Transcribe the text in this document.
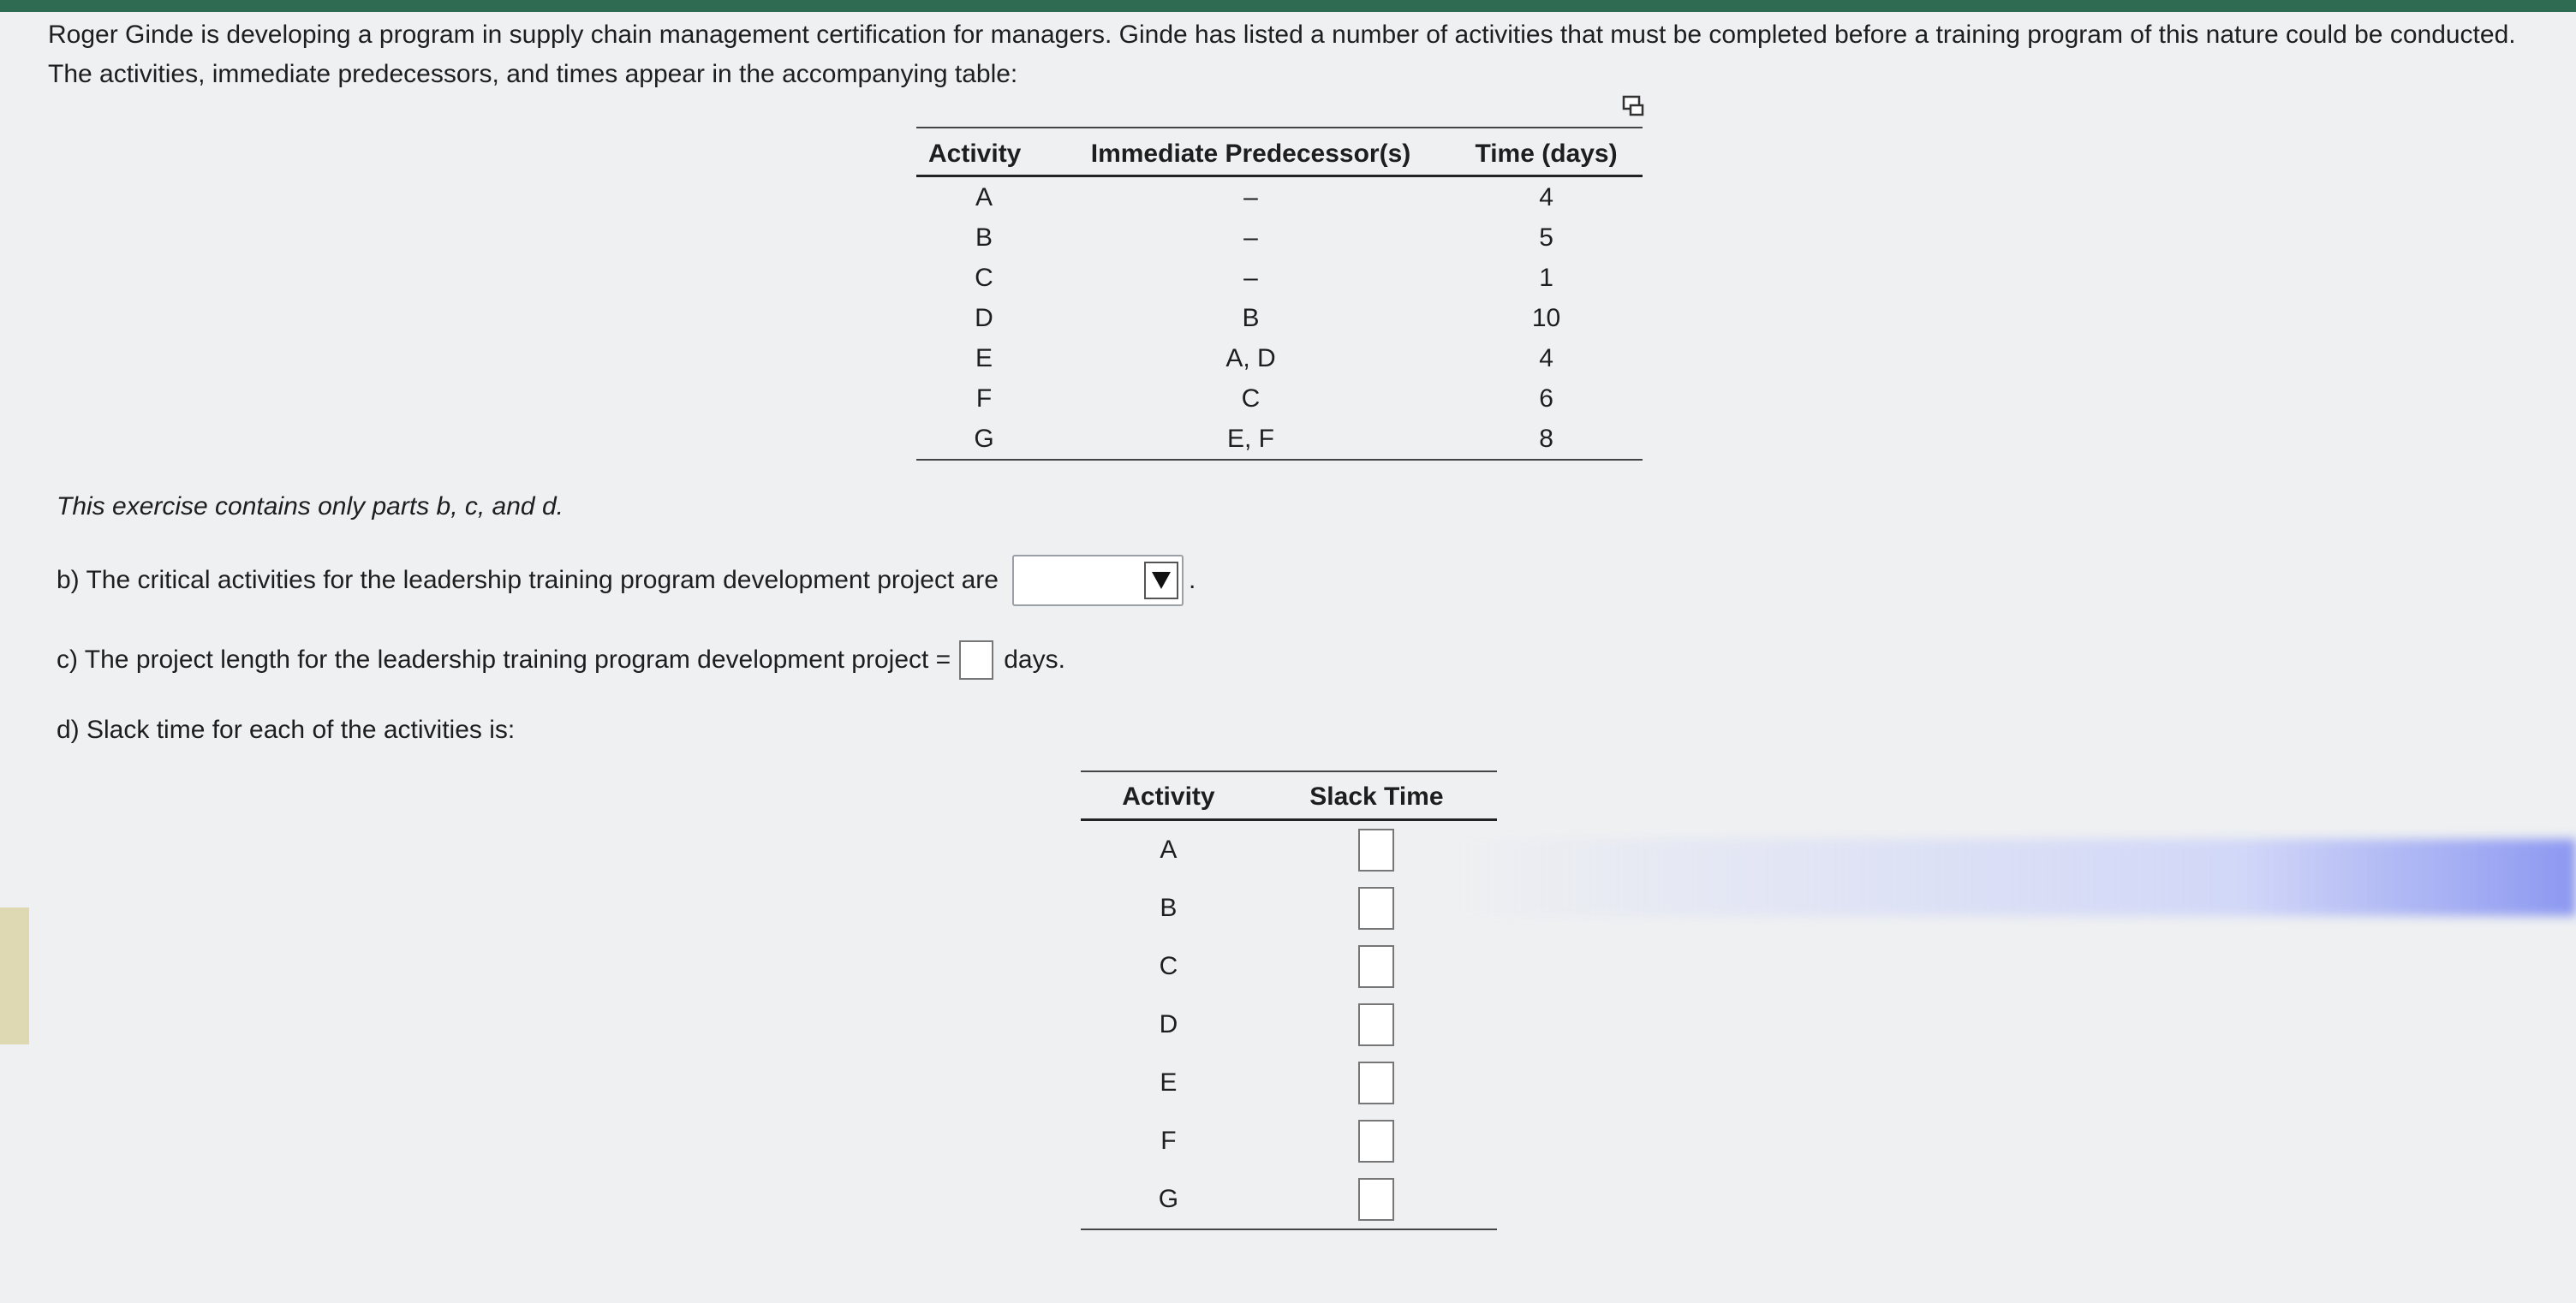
Roger Ginde is developing a program in supply chain management certification for managers. Ginde has listed a number of activities that must be completed before a training program of this nature could be conducted. The activities, immediate predecessors, and times appear in the accompanying table:
Activity	Immediate Predecessor(s)	Time (days)
A	–	4
B	–	5
C	–	1
D	B	10
E	A, D	4
F	C	6
G	E, F	8
This exercise contains only parts b, c, and d.
b) The critical activities for the leadership training program development project are	.
c) The project length for the leadership training program development project = days.
d) Slack time for each of the activities is:
Activity	Slack Time
A	
B	
C	
D	
E	
F	
G	
